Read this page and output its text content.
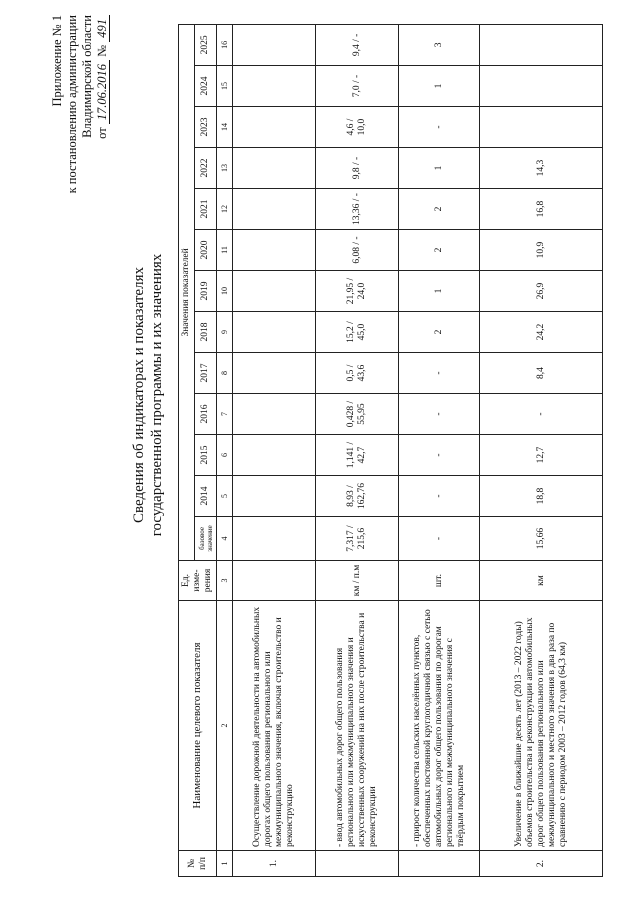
Приложение № 1 к постановлению администрации Владимирской области от 17.06.2016 № 491
Сведения об индикаторах и показателях государственной программы и их значениях
№ п/п	Наименование целевого показателя	Ед. изме-рения	Значения показателей												
			базовое значение	2014	2015	2016	2017	2018	2019	2020	2021	2022	2023	2024	2025

1	2	3	4	5	6	7	8	9	10	11	12	13	14	15	16
1.	Осуществление дорожной деятельности на автомобильных дорогах общего пользования регионального или межмуниципального значения, включая строительство и реконструкцию														
	- ввод автомобильных дорог общего пользования регионального или межмуниципального значения и искусственных сооружений на них после строительства и реконструкции	км / п.м	7,317 / 215,6	8,93 / 162,76	1,141 / 42,7	0,428 / 55,95	0,5 / 43,6	15,2 / 45,0	21,95 / 24,0	6,08 / -	13,36 / -	9,8 / -	4,6 / 10,0	7,0 / -	9,4 / -
	- прирост количества сельских населённых пунктов, обеспеченных постоянной круглогодичной связью с сетью автомобильных дорог общего пользования по дорогам регионального или межмуниципального значения с твёрдым покрытием	шт.	-	-	-	-	-	2	1	2	2	1	-	1	3
2.	Увеличение в ближайшие десять лет (2013 – 2022 годы) объемов строительства и реконструкции автомобильных дорог общего пользования регионального или межмуниципального и местного значения в два раза по сравнению с периодом 2003 – 2012 годов (64,3 км)	км	15,66	18,8	12,7	-	8,4	24,2	26,9	10,9	16,8	14,3			
